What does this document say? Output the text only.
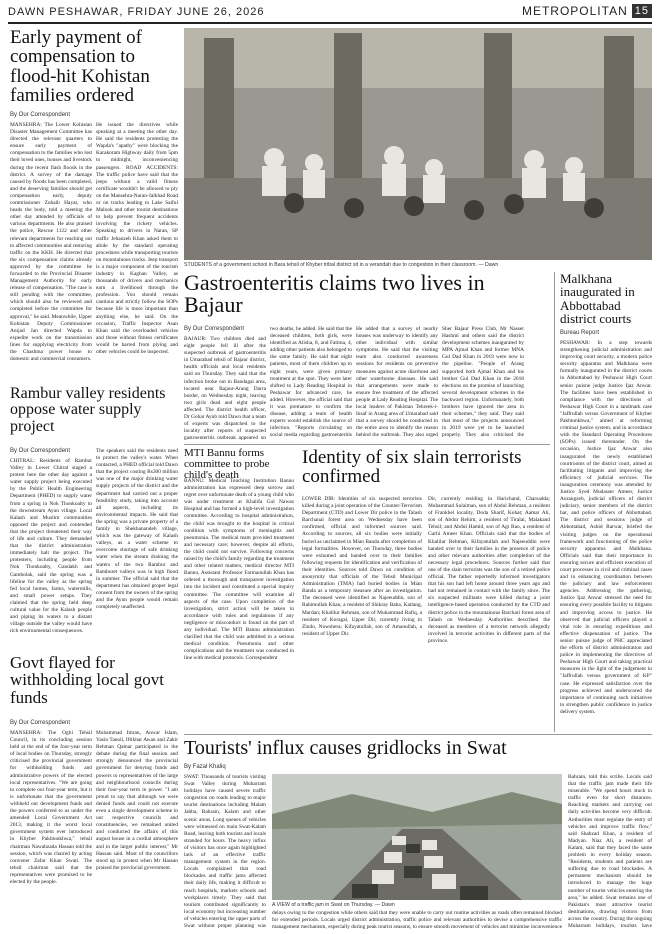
DAWN PESHAWAR, FRIDAY JUNE 26, 2026	METROPOLITAN 15
Early payment of compensation to flood-hit Kohistan families ordered
By Our Correspondent
MANSEHRA: The Lower Kohistan Disaster Management Committee has directed the relevant quarters to ensure early payment of compensation to the families who lost their loved ones, houses and livestock during the recent flash floods in the district. A survey of the damage caused by floods has been completed, and the deserving families should get compensation early, deputy commissioner Zuhaib Hayat, who heads the body, told a meeting the other day attended by officials of various departments. He also praised the police, Rescue 1122 and other relevant departments for reaching out to affected communities and restoring traffic on the KKH. He directed that the six compensation claims already approved by the committee be forwarded to the Provincial Disaster Management Authority for early release of compensation. "The case is still pending with the committee, which should also be reviewed and completed before the committee for approval," he said. Meanwhile, Upper Kohistan Deputy Commissioner Amjad Jan directed Wapda to expedite work on the transmission lines for supplying electricity from the Chashma power house to domestic and commercial consumers.
He issued the directives while speaking at a meeting the other day. He said the residents protesting the Wapda's "apathy" were blocking the Karakoram Highway daily from 5pm to midnight, inconveniencing passengers. ROAD ACCIDENTS: The traffic police have said that the jeeps without a valid fitness certificate wouldn't be allowed to ply on the Mansehra-Naran-Jalkhad Road or on tracks leading to Lake Saiful Malook and other tourist destinations to help prevent frequent accidents involving the rickety vehicles. Speaking to drivers in Naran, SP traffic Jehanzeb Khan asked them to abide by the standard operating procedures while transporting tourists on mountainous tracks. Jeep transport is a major component of the tourism industry in Kaghan Valley, as thousands of drivers and mechanics earn a livelihood through the profession. You should remain cautious and strictly follow the SOPs because life is more important than anything else, he said. On the occasion, Traffic Inspector Asan Khan said the overloaded vehicles and those without fitness certificates would be barred from plying and other vehicles could be inspected.
STUDENTS of a government school in Bara tehsil of Khyber tribal district sit in a verandah due to congestion in their classroom. — Dawn
Gastroenteritis claims two lives in Bajaur
By Our Correspondent
BAJAUR: Two children died and eight people fell ill after the suspected outbreak of gastroenteritis in Umarabad tehsil of Bajaur district, health officials and local residents said on Thursday. They said that the infection broke out in Bandagai area, located near Bajaur-Arang Darra border, on Wednesday night, leaving two girls dead and eight people affected. The district health officer, Dr Gohar Ayub told Dawn that a team of experts was dispatched to the locality after reports of suspected gastroenteritis outbreak appeared on
two deaths, he added. He said that the deceased children, both girls, were identified as Alisha, 8, and Fatima, 4, adding other patients also belonged to the same family. He said that eight patients, most of them children up to eight years, were given primary treatment at the spot. They were later shifted to Lady Reading Hospital in Peshawar for advanced care, he added. However, the official said that it was premature to confirm the disease, adding a team of health experts would establish the source of infection. "Reports circulating on social media regarding gastroenteritis
He added that a survey of nearby houses was underway to identify any other individual with similar symptoms. He said that the visiting team also conducted awareness sessions for residents on preventive measures against acute diarrhoea and other waterborne diseases. He said that arrangements were made to ensure free treatment of the affected people at Lady Reading Hospital. The local leaders of Pakistan Tehreek-i-Insaf in Arang area of Umarabad said that a survey should be conducted in the entire area to identify the reason behind the outbreak. They also urged
Sher Bajaur Press Club, Mr Nasser Hashmi and others said the district development schemes inaugurated by MPA Ajmal Khan and former MNA Gul Dad Khan in 2019 were now in the pipeline. "People of Arang supported both Ajmal Khan and his brother Gul Dad Khan in the 2018 elections on the promise of launching several development schemes in the backward region. Unfortunately, both brothers have ignored the area in their schemes," they said. They said that most of the projects announced in 2019 were yet to be launched properly. They also criticised the
Malkhana inaugurated in Abbottabad district courts
Bureau Report
PESHAWAR: In a step towards strengthening judicial administration and improving court security, a modern police security apparatus and Malkhana were formally inaugurated in the district courts in Abbottabad by Peshawar High Court senior puisne judge Justice Ijaz Anwar. The facilities have been established in compliance with the directions of Peshawar High Court in a landmark case "Jaffrullah versus Government of Khyber Pakhtunkhwa," aimed at reforming criminal justice system, and in accordance with the Standard Operating Procedures (SOPs) issued thereunder. On the occasion, Justice Ijaz Anwar also inaugurated the newly established courtrooms of the district court, aimed at facilitating litigants and improving the efficiency of judicial services. The inauguration ceremony was attended by Justice Syed Mudasser Ameer, Justice Aurangzeb, judicial officers of district judiciary, senior members of the district bar, and police officers of Abbottabad. The district and sessions judge of Abbottabad, Ashid Rarwar, briefed the visiting judges on the operational framework and functioning of the police security apparatus and Malkhana. Officials said that their importance in ensuring secure and efficient execution of court processes in civil and criminal cases and in enhancing coordination between the judiciary and law enforcement agencies. Addressing the gathering, Justice Ijaz Anwar stressed the need for ensuring every possible facility to litigants and improving access to justice. He observed that judicial officers played a vital role in ensuring expeditious and effective dispensation of justice. The senior puisne judge of PHC appreciated the efforts of district administration and police in implementing the directives of Peshawar High Court and taking practical measures in the light of the judgement in "Jaffrullah versus government of KP" case. He expressed satisfaction over the progress achieved and underscored the importance of continuing such initiatives to strengthen public confidence in justice delivery system.
Rambur valley residents oppose water supply project
By Our Correspondent
CHITRAL: Residents of Rambur Valley in Lower Chitral staged a protest here the other day against a water supply project being executed by the Public Health Engineering Department (PHED) to supply water from a spring in Nok Thonkoalty to the downstream Ayun village. Local Kalash and Muslim communities opposed the project and contended that the project threatened their way of life and culture. They demanded that the district administration immediately halt the project. The protesters, including people from Nok Thonkoalty, Gandakh and Gambolak, said the spring was a lifeline for the valley as the spring fed local homes, farms, watermills, and small power setups. They claimed that the spring held deep cultural value for the Kalash people and piping its waters to a distant village outside the valley would have rich environmental consequences.
The speakers said the residents need to protect the valley's water. When contacted, a PHED official told Dawn that the project costing Rs300 million was one of the major drinking water supply projects of the district and the department had carried out a proper feasibility study, taking into account all aspects, including its environmental impacts. He said that the spring was a private property of a family in Shekhanandeh village, which was the gateway of Kalash valleys, as a water scheme to overcome shortage of safe drinking water when the stream draining the waters of the two Rambur and Bamburet valleys was in high flood in summer. The official said that the department has obtained proper legal consent from the owners of the spring and the Ayun people would remain completely unaffected.
MTI Bannu forms committee to probe child's death
BANNU: Medical Teaching Institution Bannu administration has expressed deep sorrow and regret over unfortunate death of a young child who was under treatment at Khalifa Gul Nawaz Hospital and has formed a high-level investigation committee. According to hospital administration, the child was brought to the hospital in critical condition with symptoms of meningitis and pneumonia. The medical team provided treatment and necessary care; however, despite all efforts, the child could not survive. Following concerns raised by the child's family regarding the treatment and other related matters, medical director MTI Bannu, Assistant Professor Farmanullah Khan has ordered a thorough and transparent investigation into the incident and constituted a special inquiry committee. The committee will examine all aspects of the case. Upon completion of the investigation, strict action will be taken in accordance with rules and regulations if any negligence or misconduct is found on the part of any individual. The MTI Bannu administration clarified that the child was admitted in a serious medical condition. Pneumonia and other complications and the treatment was conducted in line with medical protocols. Correspondent
Identity of six slain terrorists confirmed
LOWER DIR: Identities of six suspected terrorists killed during a joint operation of the Counter-Terrorism Department (CTD) and Lower Dir police in the Talash Barchanai forest area on Wednesday have been confirmed, official and informed sources said. According to sources, all six bodies were initially buried as unclaimed in Mian Banda after completion of legal formalities. However, on Thursday, three bodies were exhumed and handed over to their families following requests for identification and verification of their identities. Sources told Dawn on condition of anonymity that officials of the Tehsil Municipal Administration (TMA) had buried bodies in Mian Banda as a temporary measure after an investigation. The deceased were identified as Najeeuddin, son of Rahimullah Khan, a resident of Shikray Baba, Katlang, Mardan; Khalilur Rehman, son of Muhammad Rafiq, a resident of Koragai, Upper Dir, currently living in Zindo, Nowshera; Kifayatullah, son of Amanullah, a resident of Upper Dir.
Dir, currently residing in Harichand, Charsadda; Muhammad Sulaiman, son of Abdul Rehman, a resident of Frankhel locality, Doda Sharif, Kohat; Aamar Ali, son of Abdur Rehim, a resident of Tiralai, Malakand Tehsil; and Abdul Hamid, son of Agi Rao, a resident of Garhi Ameer Khan. Officials said that the bodies of Khalilur Rehman, Kifayatullah and Najeeuddin were handed over to their families in the presence of police and other relevant authorities after completion of the necessary legal procedures. Sources further said that one of the slain terrorists was the son of a retired police official. The father reportedly informed investigators that his son had left home around three years ago and had not remained in contact with the family since. The six suspected militants were killed during a joint intelligence-based operation conducted by the CTD and district police in the mountainous Barchari forest area of Talash on Wednesday. Authorities described the deceased as members of a terrorist network allegedly involved in terrorist activities in different parts of the province.
Govt flayed for withholding local govt funds
By Our Correspondent
MANSEHRA: The Oghi Tehsil Council, in its concluding session held at the end of the four-year term of local bodies on Thursday, strongly criticised the provincial government for withholding funds and administrative powers of the elected local representatives. "We are going to complete our four-year term, but it is unfortunate that the government withheld our development funds and the powers conferred to us under the amended Local Government Act 2013, making it the worst local government system ever introduced in Khyber Pakhtunkhwa," tehsil chairman Nawabzada Hassan told the session, which was chaired by acting convener Zafar Khan Swati. The tehsil chairman said that the representatives were promised to be elected by the people.
Muhammad Imran, Anwar Islam, Yasin Tanoli, Iftikhar Awan and Zakir Rehman Qamar participated in the debate during the final session and strongly denounced the provincial government for denying funds and powers to representatives of the large and neighbourhood councils during their four-year term in power. "I am proud to say that although we were denied funds and could not execute even a single development scheme in our respective councils and constituencies, we remained united and conducted the affairs of this august house in a cordial atmosphere and in the larger public interest," Mr Hassan said. Most of the councillors stood up in protest when Mr Hassan praised the provincial government.
Tourists' influx causes gridlocks in Swat
By Fazal Khaliq
SWAT: Thousands of tourists visiting Swat Valley during Muharram holidays have caused severe traffic congestion on roads leading to major tourist destinations including Malam Jabba, Bahrain, Kalam and other scenic areas. Long queues of vehicles were witnessed on main Swat-Kalam Road, leaving both tourists and locals stranded for hours. The heavy influx of visitors has once again highlighted lack of an effective traffic management system in the region. Locals complained that road blockades and traffic jams affected their daily life, making it difficult to reach hospitals, markets schools and workplaces timely. They said that tourism contributed significantly to local economy but increasing number of vehicles entering the upper parts of Swat without proper planning was
A VIEW of a traffic jam in Swat on Thursday. — Dawn
delays owing to the congestion while others said that they were unable to carry out routine activities as roads often remained blocked for extended periods. Locals urged district administration, traffic police and relevant authorities to devise a comprehensive traffic management mechanism, especially during peak tourist seasons, to ensure smooth movement of vehicles and minimise inconvenience
Bahrain, told this scribe. Locals said that the traffic jam made their life miserable. "We spend hours stuck in traffic even for short distances. Reaching markets and carrying out daily activities become very difficult. Authorities must regulate the entry of vehicles and improve traffic flow," said Shahzad Khan, a resident of Madyan. Niaz Ali, a resident of Kalam, said that they faced the same problem in every holiday season. "Residents, students and patients are suffering due to road blockades. A permanent mechanism should be introduced to manage the huge number of tourist vehicles entering the area," he added. Swat remains one of Pakistan's most attractive tourist destinations, drawing visitors from across the country. During the ongoing Muharram holidays, tourists have
